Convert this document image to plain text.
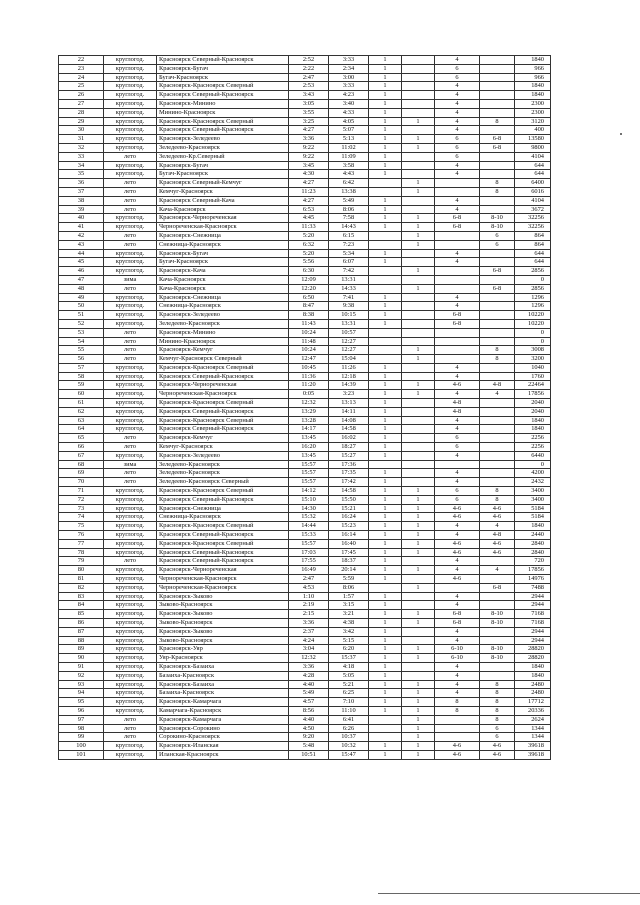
22	круглогод.	Красноярск Северный-Красноярск	2:52	3:33	1		4		1840
23	круглогод.	Красноярск-Бугач	2:22	2:34	1		6		966
24	круглогод.	Бугач-Красноярск	2:47	3:00	1		6		966
25	круглогод.	Красноярск-Красноярск Северный	2:53	3:33	1		4		1840
26	круглогод.	Красноярск Северный-Красноярск	3:43	4:23	1		4		1840
27	круглогод.	Красноярск-Минино	3:05	3:40	1		4		2300
28	круглогод.	Минино-Красноярск	3:55	4:33	1		4		2300
29	круглогод.	Красноярск-Красноярск Северный	3:25	4:05	1	1	4	8	3120
30	круглогод.	Красноярск Северный-Красноярск	4:27	5:07	1		4		400
31	круглогод.	Красноярск-Зеледеево	3:36	5:13	1	1	6	6-8	13580
32	круглогод.	Зеледеево-Красноярск	9:22	11:02	1	1	6	6-8	9800
33	лето	Зеледеево-Кр.Северный	9:22	11:09	1		6		4104
34	круглогод.	Красноярск-Бугач	3:45	3:58	1		4		644
35	круглогод.	Бугач-Красноярск	4:30	4:43	1		4		644
36	лето	Красноярск Северный-Кемчуг	4:27	6:42		1		8	6400
37	лето	Кемчуг-Красноярск	11:23	13:38		1		8	6016
38	лето	Красноярск Северный-Кача	4:27	5:49	1		4		4104
39	лето	Кача-Красноярск	6:53	8:06	1		4		3672
40	круглогод.	Красноярск-Чернореченская	4:45	7:58	1	1	6-8	8-10	32256
41	круглогод.	Чернореченская-Красноярск	11:33	14:43	1	1	6-8	8-10	32256
42	лето	Красноярск-Снежница	5:20	6:15		1		6	864
43	лето	Снежница-Красноярск	6:32	7:23		1		6	864
44	круглогод.	Красноярск-Бугач	5:20	5:34	1		4		644
45	круглогод.	Бугач-Красноярск	5:56	6:07	1		4		644
46	круглогод.	Красноярск-Кача	6:30	7:42		1		6-8	2856
47	зима	Кача-Красноярск	12:09	13:31					0
48	лето	Кача-Красноярск	12:20	14:33		1		6-8	2856
49	круглогод.	Красноярск-Снежница	6:50	7:41	1		4		1296
50	круглогод.	Снежница-Красноярск	8:47	9:38	1		4		1296
51	круглогод.	Красноярск-Зеледеево	8:38	10:15	1		6-8		10220
52	круглогод.	Зеледеево-Красноярск	11:43	13:31	1		6-8		10220
53	лето	Красноярск-Минино	10:24	10:57					0
54	лето	Минино-Красноярск	11:48	12:27					0
55	лето	Красноярск-Кемчуг	10:24	12:27		1		8	3008
56	лето	Кемчуг-Красноярск Северный	12:47	15:04		1		8	3200
57	круглогод.	Красноярск-Красноярск Северный	10:45	11:26	1		4		1040
58	круглогод.	Красноярск Северный-Красноярск	11:36	12:18	1		4		1760
59	круглогод.	Красноярск-Чернореченская	11:20	14:39	1	1	4-6	4-8	22464
60	круглогод.	Чернореченская-Красноярск	0:05	3:23	1	1	4	4	17856
61	круглогод.	Красноярск-Красноярск Северный	12:32	13:13	1		4-8		2040
62	круглогод.	Красноярск Северный-Красноярск	13:29	14:11	1		4-8		2040
63	круглогод.	Красноярск-Красноярск Северный	13:28	14:08	1		4		1840
64	круглогод.	Красноярск Северный-Красноярск	14:17	14:58	1		4		1840
65	лето	Красноярск-Кемчуг	13:45	16:02	1		6		2256
66	лето	Кемчуг-Красноярск	16:20	18:27	1		6		2256
67	круглогод.	Красноярск-Зеледеево	13:45	15:27	1		4		6440
68	зима	Зеледеево-Красноярск	15:57	17:36					0
69	лето	Зеледеево-Красноярск	15:57	17:35	1		4		4200
70	лето	Зеледеево-Красноярск Северный	15:57	17:42	1		4		2432
71	круглогод.	Красноярск-Красноярск Северный	14:12	14:58	1	1	6	8	3400
72	круглогод.	Красноярск Северный-Красноярск	15:10	15:50	1	1	6	8	3400
73	круглогод.	Красноярск-Снежница	14:30	15:21	1	1	4-6	4-6	5184
74	круглогод.	Снежница-Красноярск	15:32	16:24	1	1	4-6	4-6	5184
75	круглогод.	Красноярск-Красноярск Северный	14:44	15:23	1	1	4	4	1840
76	круглогод.	Красноярск Северный-Красноярск	15:33	16:14	1	1	4	4-8	2440
77	круглогод.	Красноярск-Красноярск Северный	15:57	16:40	1	1	4-6	4-6	2840
78	круглогод.	Красноярск Северный-Красноярск	17:03	17:45	1	1	4-6	4-6	2840
79	лето	Красноярск Северный-Красноярск	17:55	18:37	1		4		720
80	круглогод.	Красноярск-Чернореченская	16:49	20:14	1	1	4	4	17856
81	круглогод.	Чернореченская-Красноярск	2:47	5:59	1		4-6		14976
82	круглогод.	Чернореченская-Красноярск	4:53	8:06		1		6-8	7488
83	круглогод.	Красноярск-Зыково	1:10	1:57	1		4		2944
84	круглогод.	Зыково-Красноярск	2:19	3:15	1		4		2944
85	круглогод.	Красноярск-Зыково	2:15	3:21	1	1	6-8	8-10	7168
86	круглогод.	Зыково-Красноярск	3:36	4:38	1	1	6-8	8-10	7168
87	круглогод.	Красноярск-Зыково	2:37	3:42	1		4		2944
88	круглогод.	Зыково-Красноярск	4:24	5:15	1		4		2944
89	круглогод.	Красноярск-Уяр	3:04	6:20	1	1	6-10	8-10	28820
90	круглогод.	Уяр-Красноярск	12:32	15:37	1	1	6-10	8-10	28820
91	круглогод.	Красноярск-Базаиха	3:36	4:18	1		4		1840
92	круглогод.	Базаиха-Красноярск	4:28	5:05	1		4		1840
93	круглогод.	Красноярск-Базаиха	4:40	5:21	1	1	4	8	2480
94	круглогод.	Базаиха-Красноярск	5:49	6:25	1	1	4	8	2480
95	круглогод.	Красноярск-Камарчага	4:57	7:10	1	1	8	8	17712
96	круглогод.	Камарчага-Красноярск	8:56	11:10	1	1	8	8	20336
97	лето	Красноярск-Камарчага	4:40	6:41		1		8	2624
98	лето	Красноярск-Сорокино	4:50	6:26		1		6	1344
99	лето	Сорокино-Красноярск	9:20	10:37		1		6	1344
100	круглогод.	Красноярск-Иланская	5:48	10:32	1	1	4-6	4-6	39618
101	круглогод.	Иланская-Красноярск	10:51	15:47	1	1	4-6	4-6	39618
